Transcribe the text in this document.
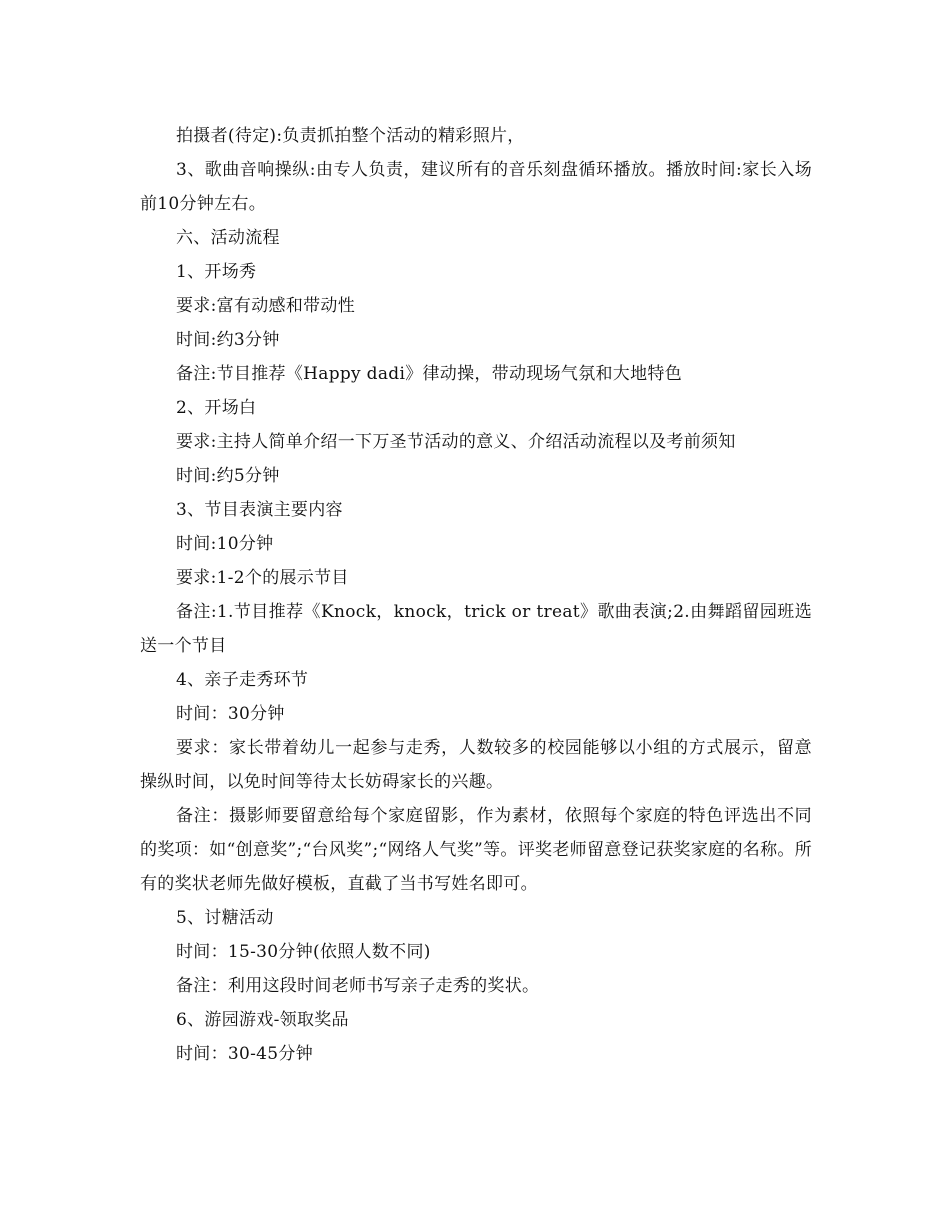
拍摄者(待定):负责抓拍整个活动的精彩照片，
3、歌曲音响操纵:由专人负责，建议所有的音乐刻盘循环播放。播放时间:家长入场前10分钟左右。
六、活动流程
1、开场秀
要求:富有动感和带动性
时间:约3分钟
备注:节目推荐《Happy dadi》律动操，带动现场气氛和大地特色
2、开场白
要求:主持人简单介绍一下万圣节活动的意义、介绍活动流程以及考前须知
时间:约5分钟
3、节目表演主要内容
时间:10分钟
要求:1-2个的展示节目
备注:1.节目推荐《Knock，knock，trick or treat》歌曲表演;2.由舞蹈留园班选送一个节目
4、亲子走秀环节
时间：30分钟
要求：家长带着幼儿一起参与走秀，人数较多的校园能够以小组的方式展示，留意操纵时间，以免时间等待太长妨碍家长的兴趣。
备注：摄影师要留意给每个家庭留影，作为素材，依照每个家庭的特色评选出不同的奖项：如“创意奖”;“台风奖”;“网络人气奖”等。评奖老师留意登记获奖家庭的名称。所有的奖状老师先做好模板，直截了当书写姓名即可。
5、讨糖活动
时间：15-30分钟(依照人数不同)
备注：利用这段时间老师书写亲子走秀的奖状。
6、游园游戏-领取奖品
时间：30-45分钟
